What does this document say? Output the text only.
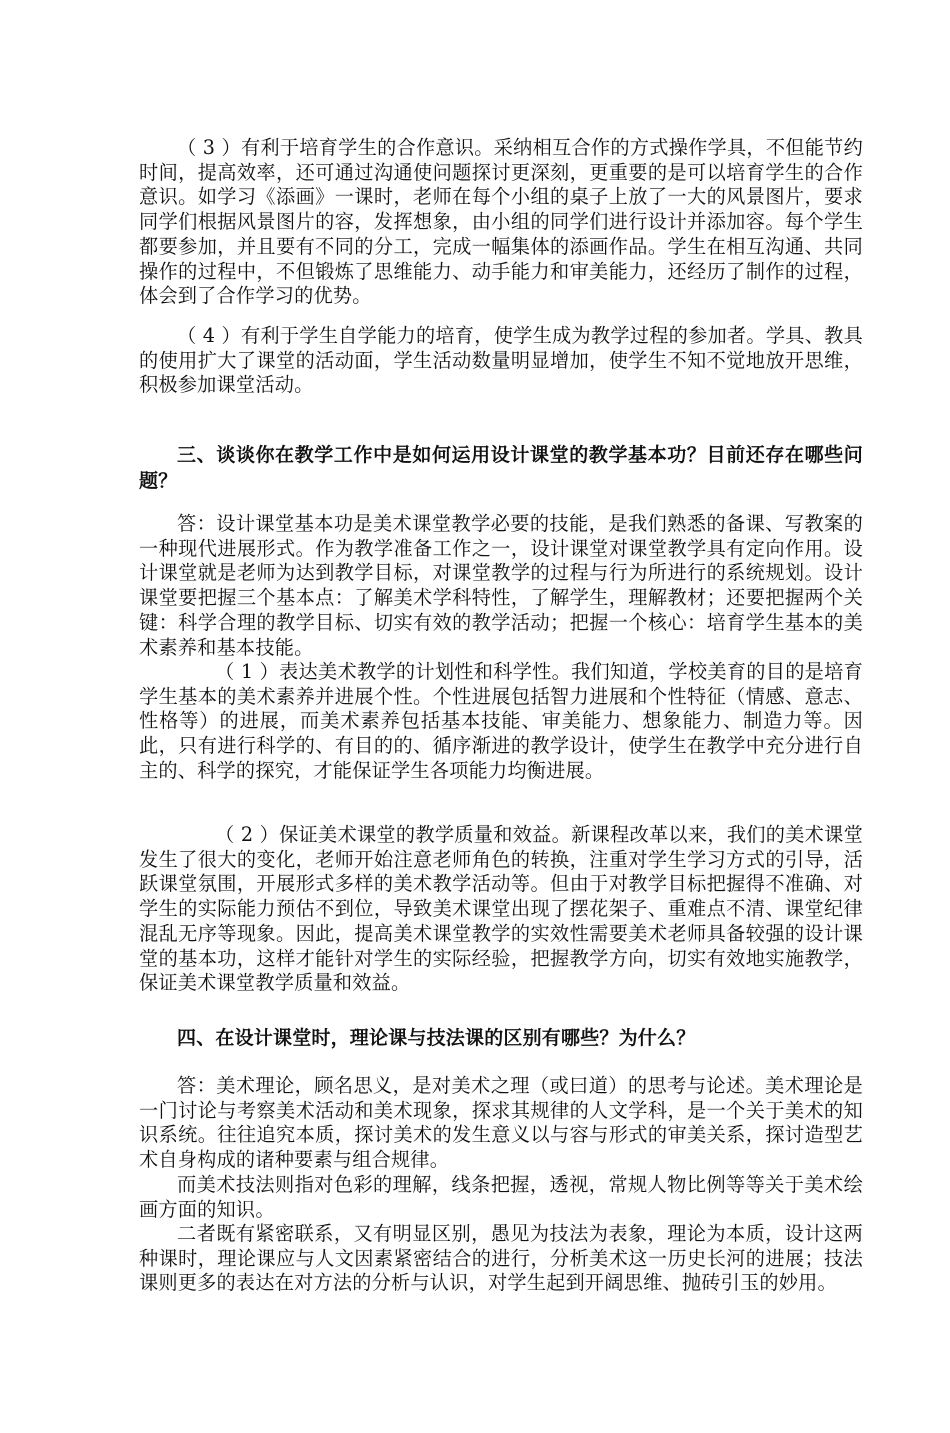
（ 3 ）有利于培育学生的合作意识。采纳相互合作的方式操作学具，不但能节约时间，提高效率，还可通过沟通使问题探讨更深刻，更重要的是可以培育学生的合作意识。如学习《添画》一课时，老师在每个小组的桌子上放了一大的风景图片，要求同学们根据风景图片的容，发挥想象，由小组的同学们进行设计并添加容。每个学生都要参加，并且要有不同的分工，完成一幅集体的添画作品。学生在相互沟通、共同操作的过程中，不但锻炼了思维能力、动手能力和审美能力，还经历了制作的过程，体会到了合作学习的优势。

（ 4 ）有利于学生自学能力的培育，使学生成为教学过程的参加者。学具、教具的使用扩大了课堂的活动面，学生活动数量明显增加，使学生不知不觉地放开思维，积极参加课堂活动。

三、谈谈你在教学工作中是如何运用设计课堂的教学基本功？目前还存在哪些问题？

答：设计课堂基本功是美术课堂教学必要的技能，是我们熟悉的备课、写教案的一种现代进展形式。作为教学准备工作之一，设计课堂对课堂教学具有定向作用。设计课堂就是老师为达到教学目标，对课堂教学的过程与行为所进行的系统规划。设计课堂要把握三个基本点：了解美术学科特性，了解学生，理解教材；还要把握两个关键：科学合理的教学目标、切实有效的教学活动；把握一个核心：培育学生基本的美术素养和基本技能。

（ 1 ）表达美术教学的计划性和科学性。我们知道，学校美育的目的是培育学生基本的美术素养并进展个性。个性进展包括智力进展和个性特征（情感、意志、性格等）的进展，而美术素养包括基本技能、审美能力、想象能力、制造力等。因此，只有进行科学的、有目的的、循序渐进的教学设计，使学生在教学中充分进行自主的、科学的探究，才能保证学生各项能力均衡进展。

（ 2 ）保证美术课堂的教学质量和效益。新课程改革以来，我们的美术课堂发生了很大的变化，老师开始注意老师角色的转换，注重对学生学习方式的引导，活跃课堂氛围，开展形式多样的美术教学活动等。但由于对教学目标把握得不准确、对学生的实际能力预估不到位，导致美术课堂出现了摆花架子、重难点不清、课堂纪律混乱无序等现象。因此，提高美术课堂教学的实效性需要美术老师具备较强的设计课堂的基本功，这样才能针对学生的实际经验，把握教学方向，切实有效地实施教学，保证美术课堂教学质量和效益。

四、在设计课堂时，理论课与技法课的区别有哪些？为什么？

答：美术理论，顾名思义，是对美术之理（或曰道）的思考与论述。美术理论是一门讨论与考察美术活动和美术现象，探求其规律的人文学科，是一个关于美术的知识系统。往往追究本质，探讨美术的发生意义以与容与形式的审美关系，探讨造型艺术自身构成的诸种要素与组合规律。

而美术技法则指对色彩的理解，线条把握，透视，常规人物比例等等关于美术绘画方面的知识。

二者既有紧密联系，又有明显区别，愚见为技法为表象，理论为本质，设计这两种课时，理论课应与人文因素紧密结合的进行，分析美术这一历史长河的进展；技法课则更多的表达在对方法的分析与认识，对学生起到开阔思维、抛砖引玉的妙用。
